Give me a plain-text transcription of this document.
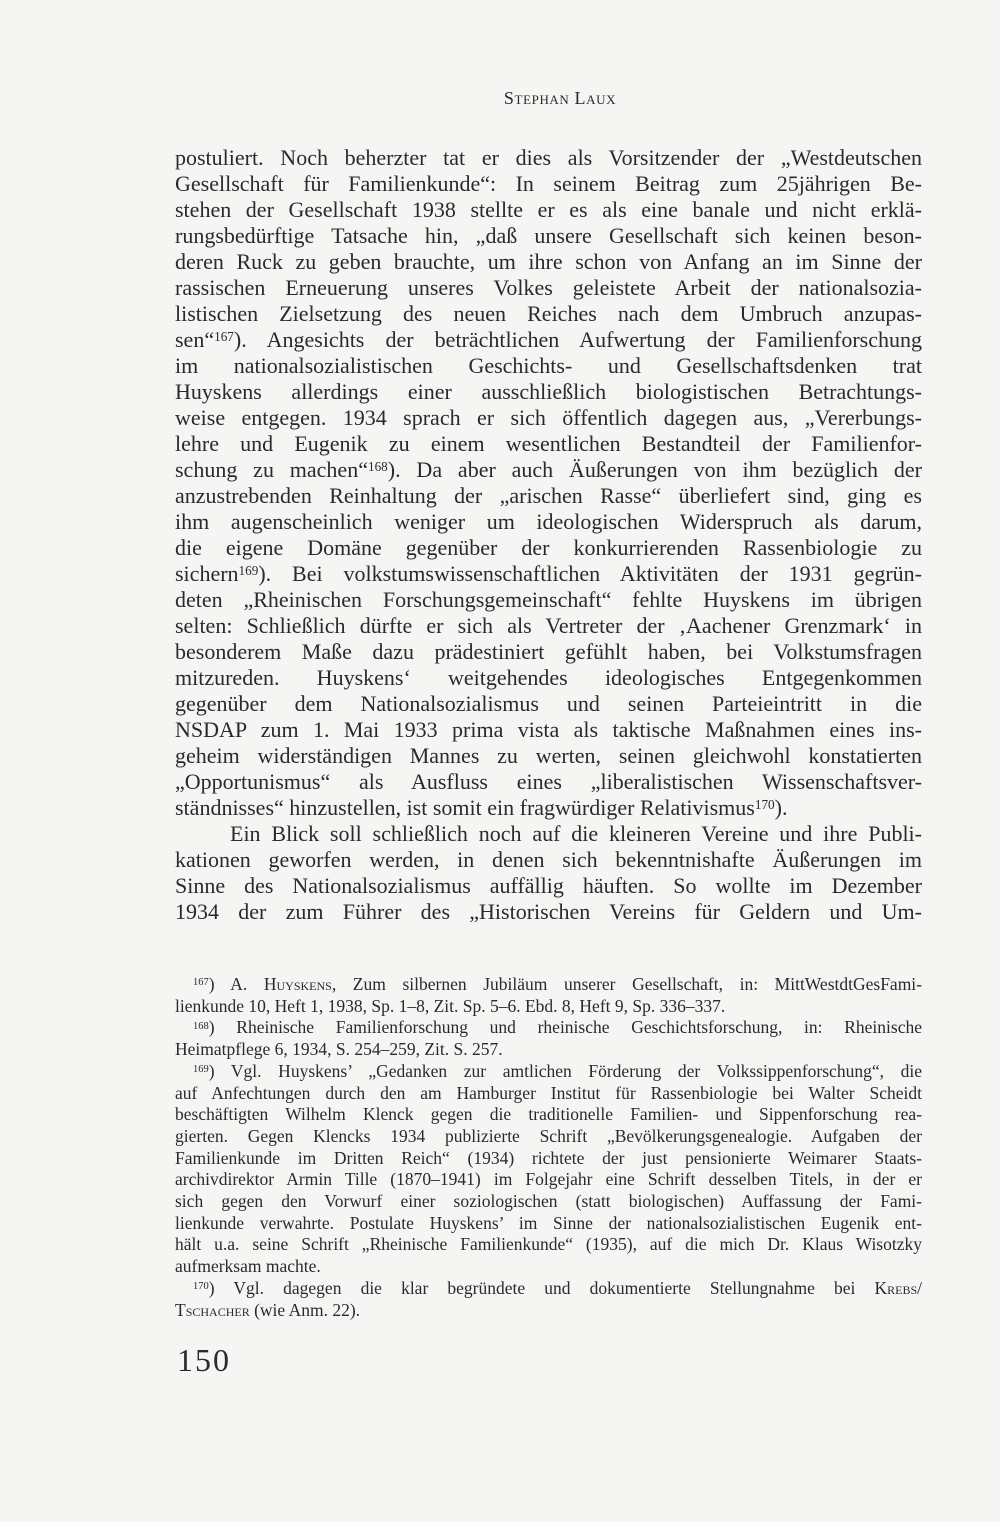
Stephan Laux
postuliert. Noch beherzter tat er dies als Vorsitzender der „Westdeutschen
Gesellschaft für Familienkunde“: In seinem Beitrag zum 25jährigen Be-
stehen der Gesellschaft 1938 stellte er es als eine banale und nicht erklä-
rungsbedürftige Tatsache hin, „daß unsere Gesellschaft sich keinen beson-
deren Ruck zu geben brauchte, um ihre schon von Anfang an im Sinne der
rassischen Erneuerung unseres Volkes geleistete Arbeit der nationalsozia-
listischen Zielsetzung des neuen Reiches nach dem Umbruch anzupas-
sen“$^{167}$). Angesichts der beträchtlichen Aufwertung der Familienforschung
im nationalsozialistischen Geschichts- und Gesellschaftsdenken trat
Huyskens allerdings einer ausschließlich biologistischen Betrachtungs-
weise entgegen. 1934 sprach er sich öffentlich dagegen aus, „Vererbungs-
lehre und Eugenik zu einem wesentlichen Bestandteil der Familienfor-
schung zu machen“$^{168}$). Da aber auch Äußerungen von ihm bezüglich der
anzustrebenden Reinhaltung der „arischen Rasse“ überliefert sind, ging es
ihm augenscheinlich weniger um ideologischen Widerspruch als darum,
die eigene Domäne gegenüber der konkurrierenden Rassenbiologie zu
sichern$^{169}$). Bei volkstumswissenschaftlichen Aktivitäten der 1931 gegrün-
deten „Rheinischen Forschungsgemeinschaft“ fehlte Huyskens im übrigen
selten: Schließlich dürfte er sich als Vertreter der ‚Aachener Grenzmark‘ in
besonderem Maße dazu prädestiniert gefühlt haben, bei Volkstumsfragen
mitzureden. Huyskens‘ weitgehendes ideologisches Entgegenkommen
gegenüber dem Nationalsozialismus und seinen Parteieintritt in die
NSDAP zum 1. Mai 1933 prima vista als taktische Maßnahmen eines ins-
geheim widerständigen Mannes zu werten, seinen gleichwohl konstatierten
„Opportunismus“ als Ausfluss eines „liberalistischen Wissenschaftsver-
ständnisses“ hinzustellen, ist somit ein fragwürdiger Relativismus$^{170}$).
Ein Blick soll schließlich noch auf die kleineren Vereine und ihre Publi-
kationen geworfen werden, in denen sich bekenntnishafte Äußerungen im
Sinne des Nationalsozialismus auffällig häuften. So wollte im Dezember
1934 der zum Führer des „Historischen Vereins für Geldern und Um-
$^{167}$) A. Huyskens, Zum silbernen Jubiläum unserer Gesellschaft, in: MittWestdtGesFami-
lienkunde 10, Heft 1, 1938, Sp. 1–8, Zit. Sp. 5–6. Ebd. 8, Heft 9, Sp. 336–337.
$^{168}$) Rheinische Familienforschung und rheinische Geschichtsforschung, in: Rheinische
Heimatpflege 6, 1934, S. 254–259, Zit. S. 257.
$^{169}$) Vgl. Huyskens’ „Gedanken zur amtlichen Förderung der Volkssippenforschung“, die
auf Anfechtungen durch den am Hamburger Institut für Rassenbiologie bei Walter Scheidt
beschäftigten Wilhelm Klenck gegen die traditionelle Familien- und Sippenforschung rea-
gierten. Gegen Klencks 1934 publizierte Schrift „Bevölkerungsgenealogie. Aufgaben der
Familienkunde im Dritten Reich“ (1934) richtete der just pensionierte Weimarer Staats-
archivdirektor Armin Tille (1870–1941) im Folgejahr eine Schrift desselben Titels, in der er
sich gegen den Vorwurf einer soziologischen (statt biologischen) Auffassung der Fami-
lienkunde verwahrte. Postulate Huyskens’ im Sinne der nationalsozialistischen Eugenik ent-
hält u.a. seine Schrift „Rheinische Familienkunde“ (1935), auf die mich Dr. Klaus Wisotzky
aufmerksam machte.
$^{170}$) Vgl. dagegen die klar begründete und dokumentierte Stellungnahme bei Krebs/
Tschacher (wie Anm. 22).
150
